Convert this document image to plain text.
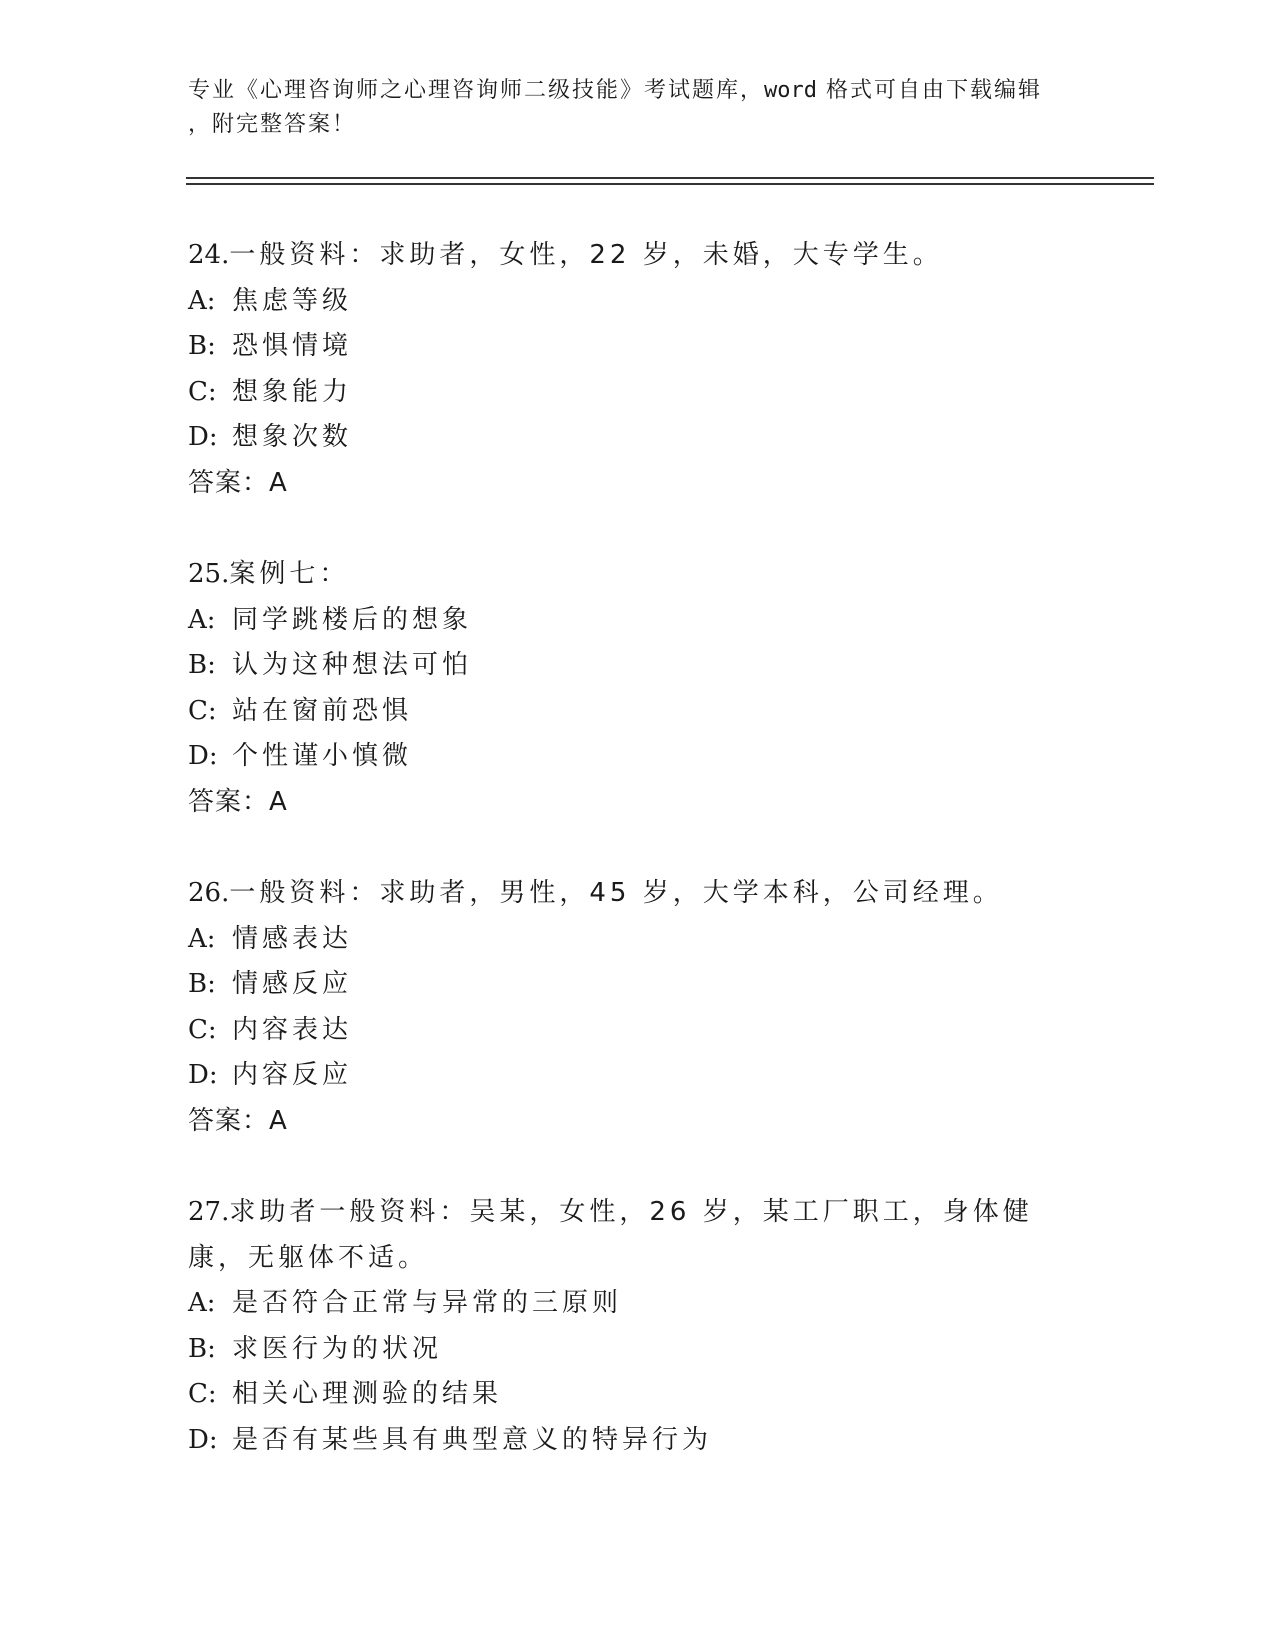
专业《心理咨询师之心理咨询师二级技能》考试题库，word 格式可自由下载编辑
，附完整答案！
24.一般资料：求助者，女性，22 岁，未婚，大专学生。
A: 焦虑等级
B: 恐惧情境
C: 想象能力
D: 想象次数
答案：A
25.案例七：
A: 同学跳楼后的想象
B: 认为这种想法可怕
C: 站在窗前恐惧
D: 个性谨小慎微
答案：A
26.一般资料：求助者，男性，45 岁，大学本科，公司经理。
A: 情感表达
B: 情感反应
C: 内容表达
D: 内容反应
答案：A
27.求助者一般资料：吴某，女性，26 岁，某工厂职工，身体健康，无躯体不适。
A: 是否符合正常与异常的三原则
B: 求医行为的状况
C: 相关心理测验的结果
D: 是否有某些具有典型意义的特异行为
